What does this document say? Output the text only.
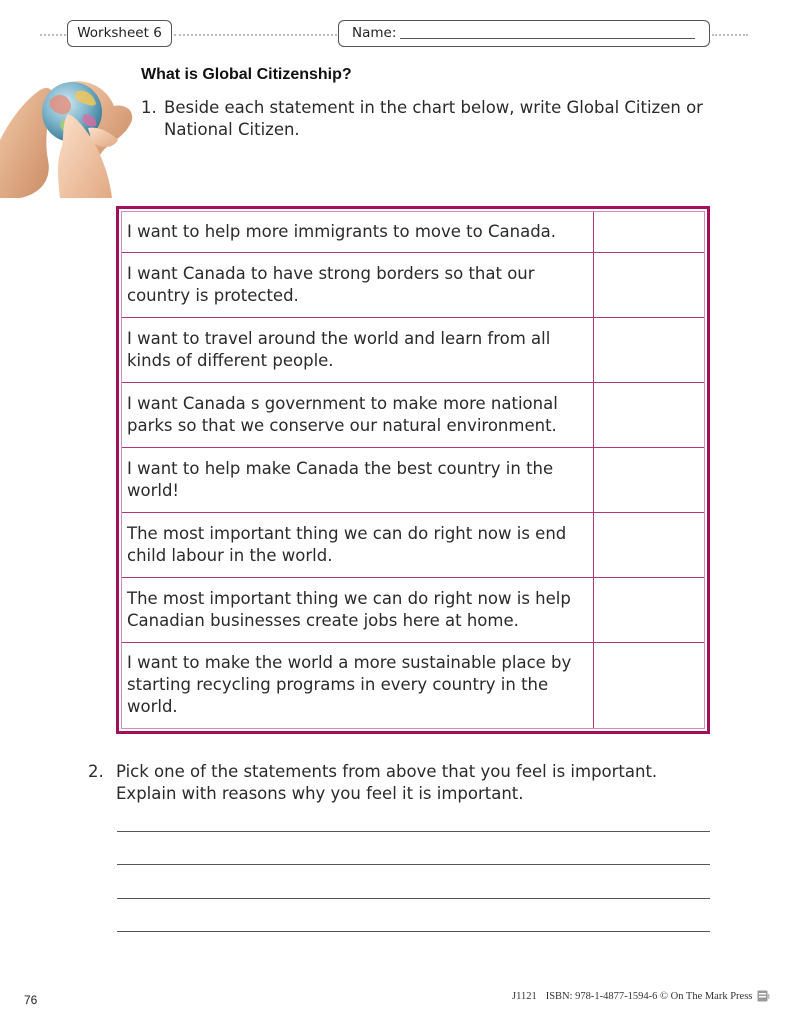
Worksheet 6	Name:
What is Global Citizenship?
1. Beside each statement in the chart below, write Global Citizen or National Citizen.
I want to help more immigrants to move to Canada.	
I want Canada to have strong borders so that our country is protected.	
I want to travel around the world and learn from all kinds of different people.	
I want Canada s government to make more national parks so that we conserve our natural environment.	
I want to help make Canada the best country in the world!	
The most important thing we can do right now is end child labour in the world.	
The most important thing we can do right now is help Canadian businesses create jobs here at home.	
I want to make the world a more sustainable place by starting recycling programs in every country in the world.	
2. Pick one of the statements from above that you feel is important. Explain with reasons why you feel it is important.
76	J1121 ISBN: 978-1-4877-1594-6 © On The Mark Press
